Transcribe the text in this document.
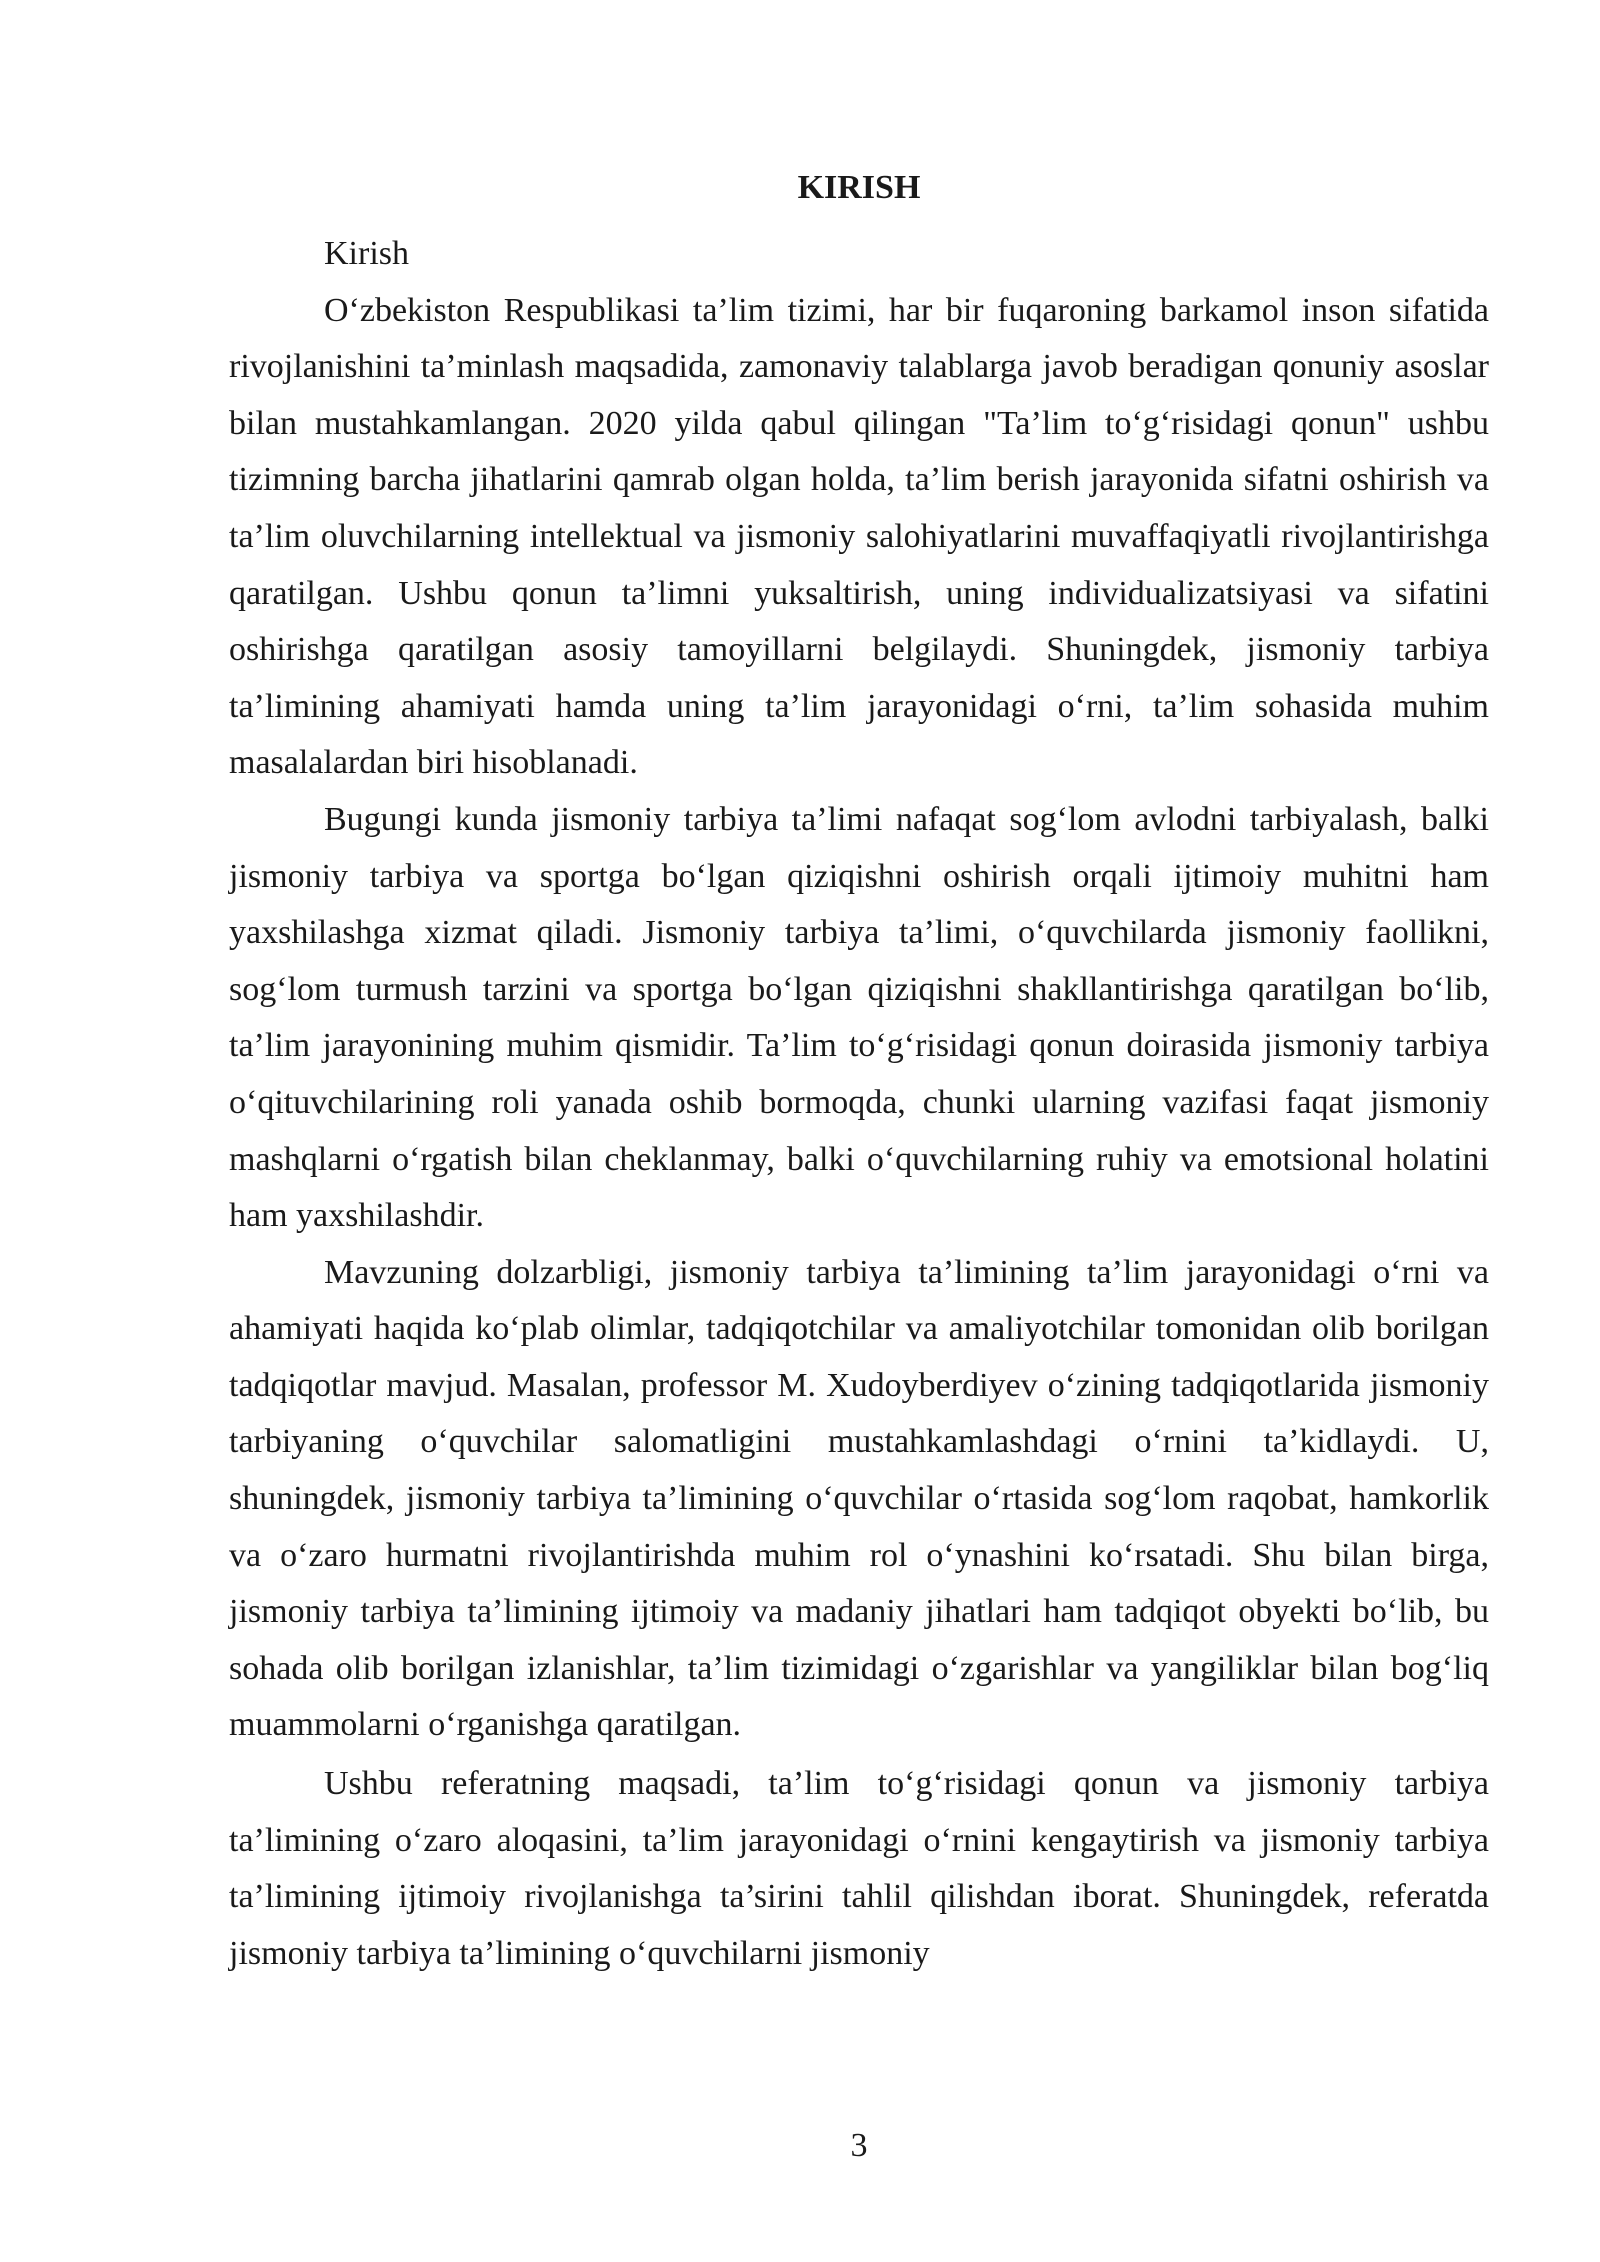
KIRISH

Kirish

O‘zbekiston Respublikasi ta’lim tizimi, har bir fuqaroning barkamol inson sifatida rivojlanishini ta’minlash maqsadida, zamonaviy talablarga javob beradigan qonuniy asoslar bilan mustahkamlangan. 2020 yilda qabul qilingan "Ta’lim to‘g‘risidagi qonun" ushbu tizimning barcha jihatlarini qamrab olgan holda, ta’lim berish jarayonida sifatni oshirish va ta’lim oluvchilarning intellektual va jismoniy salohiyatlarini muvaffaqiyatli rivojlantirishga qaratilgan. Ushbu qonun ta’limni yuksaltirish, uning individualizatsiyasi va sifatini oshirishga qaratilgan asosiy tamoyillarni belgilaydi. Shuningdek, jismoniy tarbiya ta’limining ahamiyati hamda uning ta’lim jarayonidagi o‘rni, ta’lim sohasida muhim masalalardan biri hisoblanadi.

Bugungi kunda jismoniy tarbiya ta’limi nafaqat sog‘lom avlodni tarbiyalash, balki jismoniy tarbiya va sportga bo‘lgan qiziqishni oshirish orqali ijtimoiy muhitni ham yaxshilashga xizmat qiladi. Jismoniy tarbiya ta’limi, o‘quvchilarda jismoniy faollikni, sog‘lom turmush tarzini va sportga bo‘lgan qiziqishni shakllantirishga qaratilgan bo‘lib, ta’lim jarayonining muhim qismidir. Ta’lim to‘g‘risidagi qonun doirasida jismoniy tarbiya o‘qituvchilarining roli yanada oshib bormoqda, chunki ularning vazifasi faqat jismoniy mashqlarni o‘rgatish bilan cheklanmay, balki o‘quvchilarning ruhiy va emotsional holatini ham yaxshilashdir.

Mavzuning dolzarbligi, jismoniy tarbiya ta’limining ta’lim jarayonidagi o‘rni va ahamiyati haqida ko‘plab olimlar, tadqiqotchilar va amaliyotchilar tomonidan olib borilgan tadqiqotlar mavjud. Masalan, professor M. Xudoyberdiyev o‘zining tadqiqotlarida jismoniy tarbiyaning o‘quvchilar salomatligini mustahkamlashdagi o‘rnini ta’kidlaydi. U, shuningdek, jismoniy tarbiya ta’limining o‘quvchilar o‘rtasida sog‘lom raqobat, hamkorlik va o‘zaro hurmatni rivojlantirishda muhim rol o‘ynashini ko‘rsatadi. Shu bilan birga, jismoniy tarbiya ta’limining ijtimoiy va madaniy jihatlari ham tadqiqot obyekti bo‘lib, bu sohada olib borilgan izlanishlar, ta’lim tizimidagi o‘zgarishlar va yangiliklar bilan bog‘liq muammolarni o‘rganishga qaratilgan.

Ushbu referatning maqsadi, ta’lim to‘g‘risidagi qonun va jismoniy tarbiya ta’limining o‘zaro aloqasini, ta’lim jarayonidagi o‘rnini kengaytirish va jismoniy tarbiya ta’limining ijtimoiy rivojlanishga ta’sirini tahlil qilishdan iborat. Shuningdek, referatda jismoniy tarbiya ta’limining o‘quvchilarni jismoniy

3
